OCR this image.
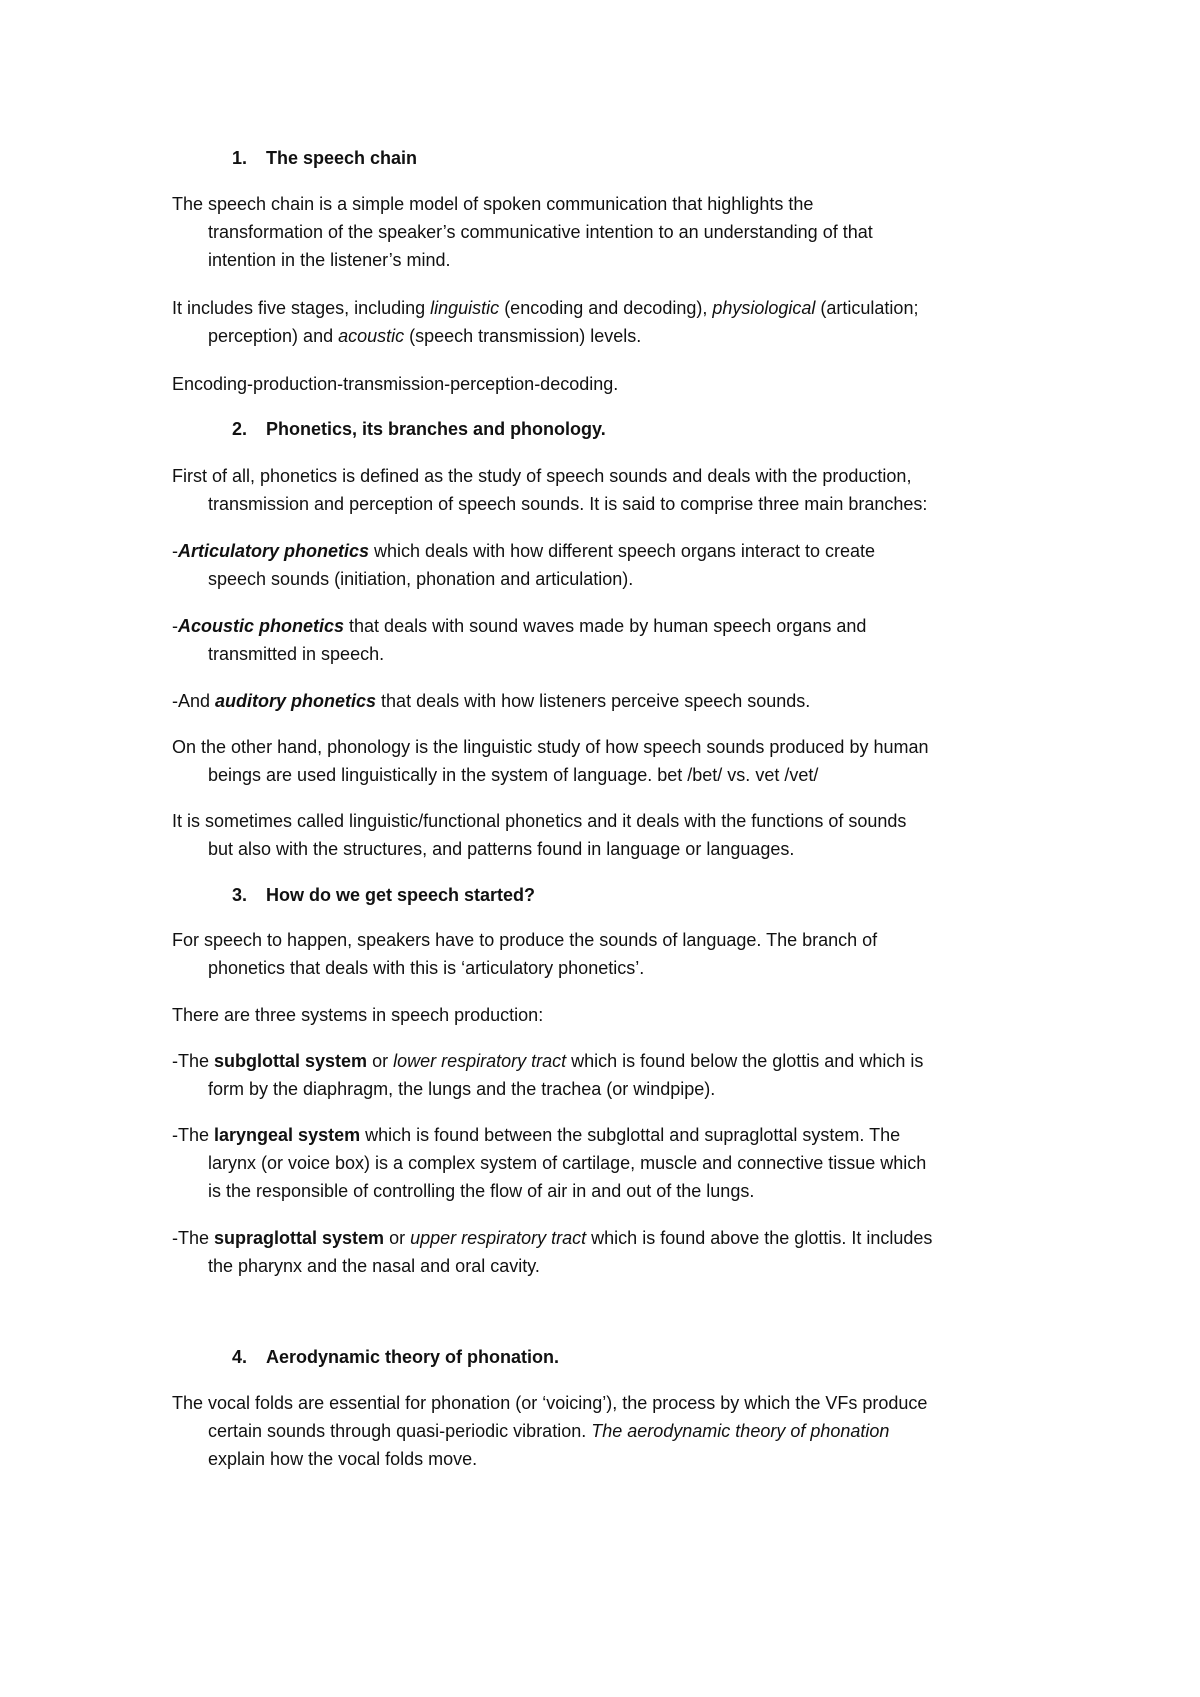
1. The speech chain
The speech chain is a simple model of spoken communication that highlights the
transformation of the speaker’s communicative intention to an understanding of that
intention in the listener’s mind.
It includes five stages, including linguistic (encoding and decoding), physiological (articulation;
perception) and acoustic (speech transmission) levels.
Encoding-production-transmission-perception-decoding.
2. Phonetics, its branches and phonology.
First of all, phonetics is defined as the study of speech sounds and deals with the production,
transmission and perception of speech sounds. It is said to comprise three main branches:
-Articulatory phonetics which deals with how different speech organs interact to create
speech sounds (initiation, phonation and articulation).
-Acoustic phonetics that deals with sound waves made by human speech organs and
transmitted in speech.
-And auditory phonetics that deals with how listeners perceive speech sounds.
On the other hand, phonology is the linguistic study of how speech sounds produced by human
beings are used linguistically in the system of language. bet /bet/ vs. vet /vet/
It is sometimes called linguistic/functional phonetics and it deals with the functions of sounds
but also with the structures, and patterns found in language or languages.
3. How do we get speech started?
For speech to happen, speakers have to produce the sounds of language. The branch of
phonetics that deals with this is ‘articulatory phonetics’.
There are three systems in speech production:
-The subglottal system or lower respiratory tract which is found below the glottis and which is
form by the diaphragm, the lungs and the trachea (or windpipe).
-The laryngeal system which is found between the subglottal and supraglottal system. The
larynx (or voice box) is a complex system of cartilage, muscle and connective tissue which
is the responsible of controlling the flow of air in and out of the lungs.
-The supraglottal system or upper respiratory tract which is found above the glottis. It includes
the pharynx and the nasal and oral cavity.
4. Aerodynamic theory of phonation.
The vocal folds are essential for phonation (or ‘voicing’), the process by which the VFs produce
certain sounds through quasi-periodic vibration. The aerodynamic theory of phonation
explain how the vocal folds move.
